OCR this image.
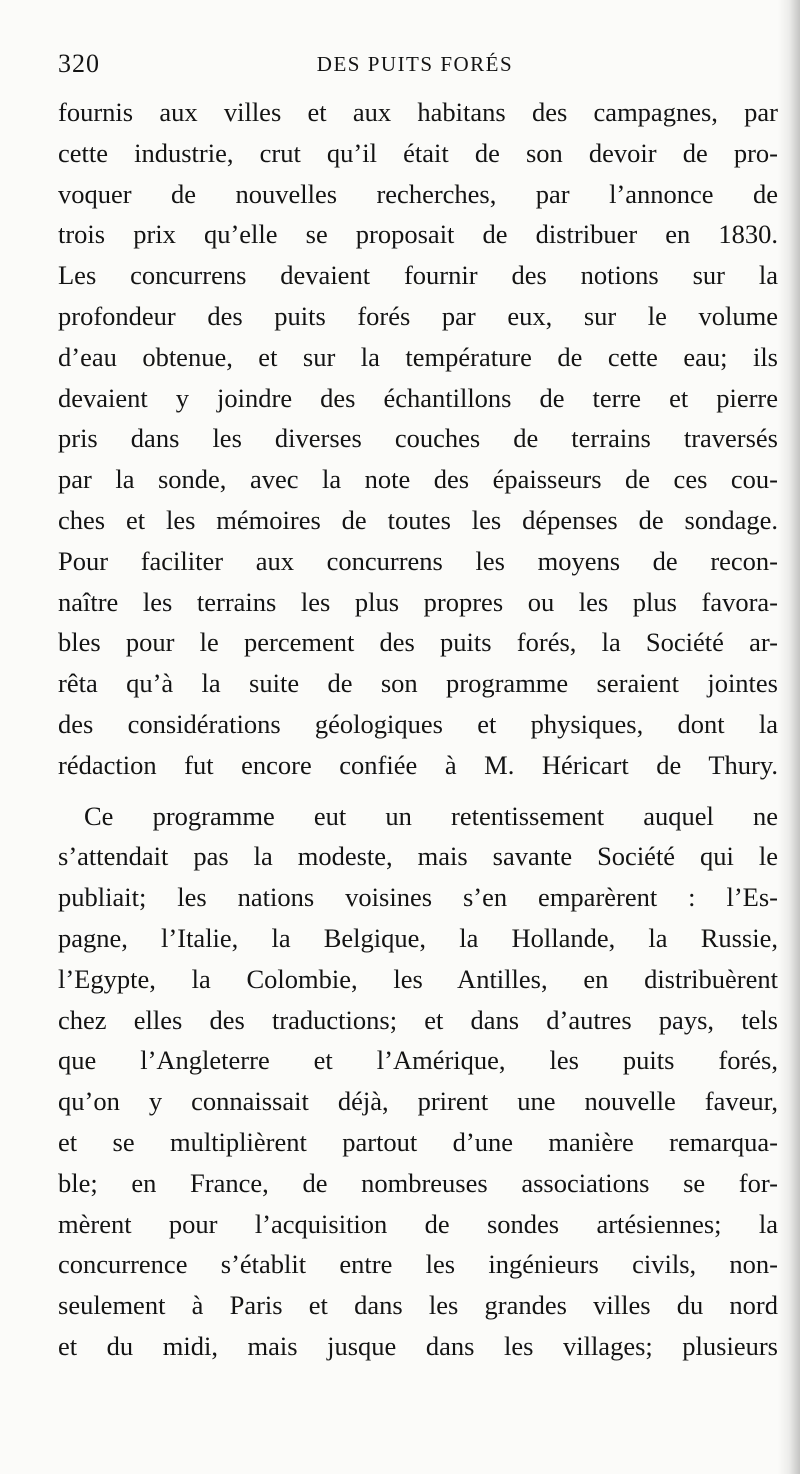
320	DES PUITS FORÉS
fournis aux villes et aux habitans des campagnes, par
cette industrie, crut qu’il était de son devoir de pro-
voquer de nouvelles recherches, par l’annonce de
trois prix qu’elle se proposait de distribuer en 1830.
Les concurrens devaient fournir des notions sur la
profondeur des puits forés par eux, sur le volume
d’eau obtenue, et sur la température de cette eau; ils
devaient y joindre des échantillons de terre et pierre
pris dans les diverses couches de terrains traversés
par la sonde, avec la note des épaisseurs de ces cou-
ches et les mémoires de toutes les dépenses de sondage.
Pour faciliter aux concurrens les moyens de recon-
naître les terrains les plus propres ou les plus favora-
bles pour le percement des puits forés, la Société ar-
rêta qu’à la suite de son programme seraient jointes
des considérations géologiques et physiques, dont la
rédaction fut encore confiée à M. Héricart de Thury.
Ce programme eut un retentissement auquel ne
s’attendait pas la modeste, mais savante Société qui le
publiait; les nations voisines s’en emparèrent : l’Es-
pagne, l’Italie, la Belgique, la Hollande, la Russie,
l’Egypte, la Colombie, les Antilles, en distribuèrent
chez elles des traductions; et dans d’autres pays, tels
que l’Angleterre et l’Amérique, les puits forés,
qu’on y connaissait déjà, prirent une nouvelle faveur,
et se multiplièrent partout d’une manière remarqua-
ble; en France, de nombreuses associations se for-
mèrent pour l’acquisition de sondes artésiennes; la
concurrence s’établit entre les ingénieurs civils, non-
seulement à Paris et dans les grandes villes du nord
et du midi, mais jusque dans les villages; plusieurs
